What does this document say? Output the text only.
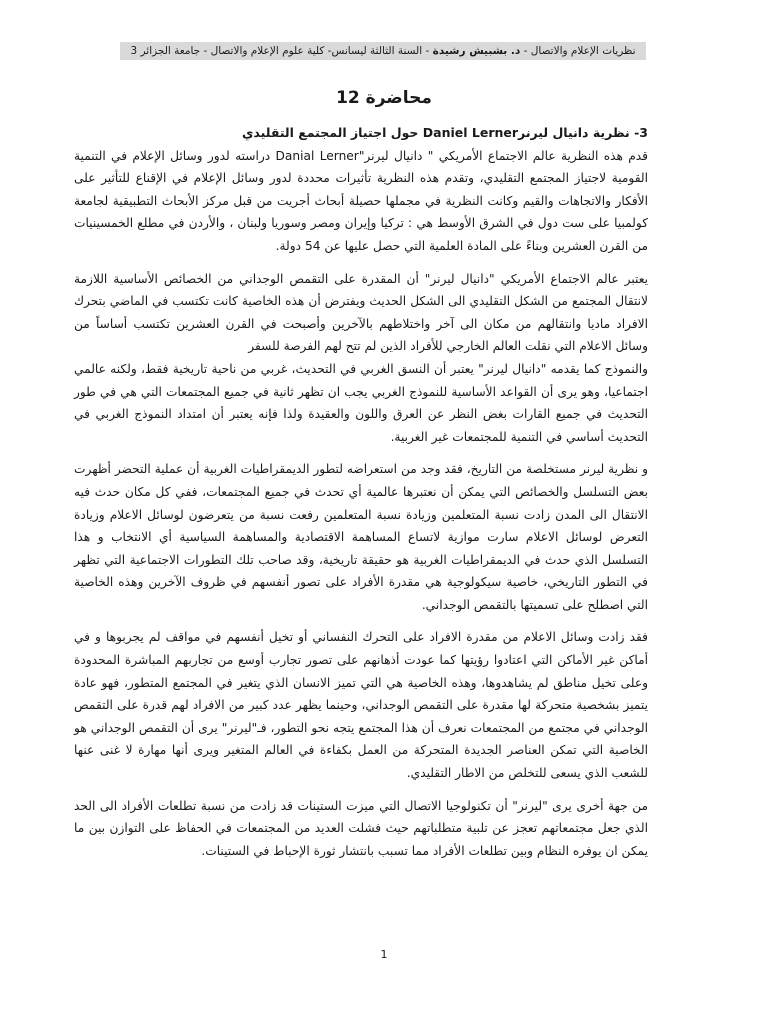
نظريات الإعلام والاتصال - د. بشبيش رشيدة - السنة الثالثة ليسانس- كلية علوم الإعلام والاتصال - جامعة الجزائر 3
محاضرة 12

3- نظرية دانيال ليرنرDaniel Lerner حول اجتياز المجتمع التقليدي

قدم هذه النظرية عالم الاجتماع الأمريكي " دانيال ليرنر"Danial Lerner دراسته لدور وسائل الإعلام في التنمية القومية لاجتياز المجتمع التقليدي، وتقدم هذه النظرية تأثيرات محددة لدور وسائل الإعلام في الإقناع للتأثير على الأفكار والاتجاهات والقيم وكانت النظرية في مجملها حصيلة أبحاث أجريت من قبل مركز الأبحاث التطبيقية لجامعة كولمبيا على ست دول في الشرق الأوسط هي : تركيا وإيران ومصر وسوريا ولبنان ، والأردن في مطلع الخمسينيات من القرن العشرين وبناءً على المادة العلمية التي حصل عليها عن 54 دولة.

يعتبر عالم الاجتماع الأمريكي "دانيال ليرنر" أن المقدرة على التقمص الوجداني من الخصائص الأساسية اللازمة لانتقال المجتمع من الشكل التقليدي الى الشكل الحديث ويفترض أن هذه الخاصية كانت تكتسب في الماضي بتحرك الافراد ماديا وانتقالهم من مكان الى آخر واختلاطهم بالآخرين وأصبحت في القرن العشرين تكتسب أساساً من وسائل الاعلام التي نقلت العالم الخارجي للأفراد الذين لم تتح لهم الفرصة للسفر

والنموذج كما يقدمه "دانيال ليرنر" يعتبر أن النسق الغربي في التحديث، غربي من ناحية تاريخية فقط، ولكنه عالمي اجتماعيا، وهو يرى أن القواعد الأساسية للنموذج الغربي يجب ان تظهر ثانية في جميع المجتمعات التي هي في طور التحديث في جميع القارات بغض النظر عن العرق واللون والعقيدة ولذا فإنه يعتبر أن امتداد النموذج الغربي في التحديث أساسي في التنمية للمجتمعات غير الغربية.

و نظرية ليرنر مستخلصة من التاريخ، فقد وجد من استعراضه لتطور الديمقراطيات الغربية أن عملية التحضر أظهرت بعض التسلسل والخصائص التي يمكن أن نعتبرها عالمية أي تحدث في جميع المجتمعات، ففي كل مكان حدث فيه الانتقال الى المدن زادت نسبة المتعلمين وزيادة نسبة المتعلمين رفعت نسبة من يتعرضون لوسائل الاعلام وزيادة التعرض لوسائل الاعلام سارت موازية لاتساع المساهمة الاقتصادية والمساهمة السياسية أي الانتخاب و هذا التسلسل الذي حدث في الديمقراطيات الغربية هو حقيقة تاريخية، وقد صاحب تلك التطورات الاجتماعية التي تظهر في التطور التاريخي، خاصية سيكولوجية هي مقدرة الأفراد على تصور أنفسهم في ظروف الآخرين وهذه الخاصية التي اصطلح على تسميتها بالتقمص الوجداني.

فقد زادت وسائل الاعلام من مقدرة الافراد على التحرك النفساني أو تخيل أنفسهم في مواقف لم يجربوها و في أماكن غير الأماكن التي اعتادوا رؤيتها كما عودت أذهانهم على تصور تجارب أوسع من تجاربهم المباشرة المحدودة وعلى تخيل مناطق لم يشاهدوها، وهذه الخاصية هي التي تميز الانسان الذي يتغير في المجتمع المتطور، فهو عادة يتميز بشخصية متحركة لها مقدرة على التقمص الوجداني، وحينما يظهر عدد كبير من الافراد لهم قدرة على التقمص الوجداني في مجتمع من المجتمعات نعرف أن هذا المجتمع يتجه نحو التطور، فـ"ليرنر" يرى أن التقمص الوجداني هو الخاصية التي تمكن العناصر الجديدة المتحركة من العمل بكفاءة في العالم المتغير ويرى أنها مهارة لا غنى عنها للشعب الذي يسعى للتخلص من الاطار التقليدي.

من جهة أخرى يرى "ليرنر" أن تكنولوجيا الاتصال التي ميزت الستينات قد زادت من نسبة تطلعات الأفراد الى الحد الذي جعل مجتمعاتهم تعجز عن تلبية متطلباتهم حيث فشلت العديد من المجتمعات في الحفاظ على التوازن بين ما يمكن ان يوفره النظام وبين تطلعات الأفراد مما تسبب بانتشار ثورة الإحباط في الستينات.

1
